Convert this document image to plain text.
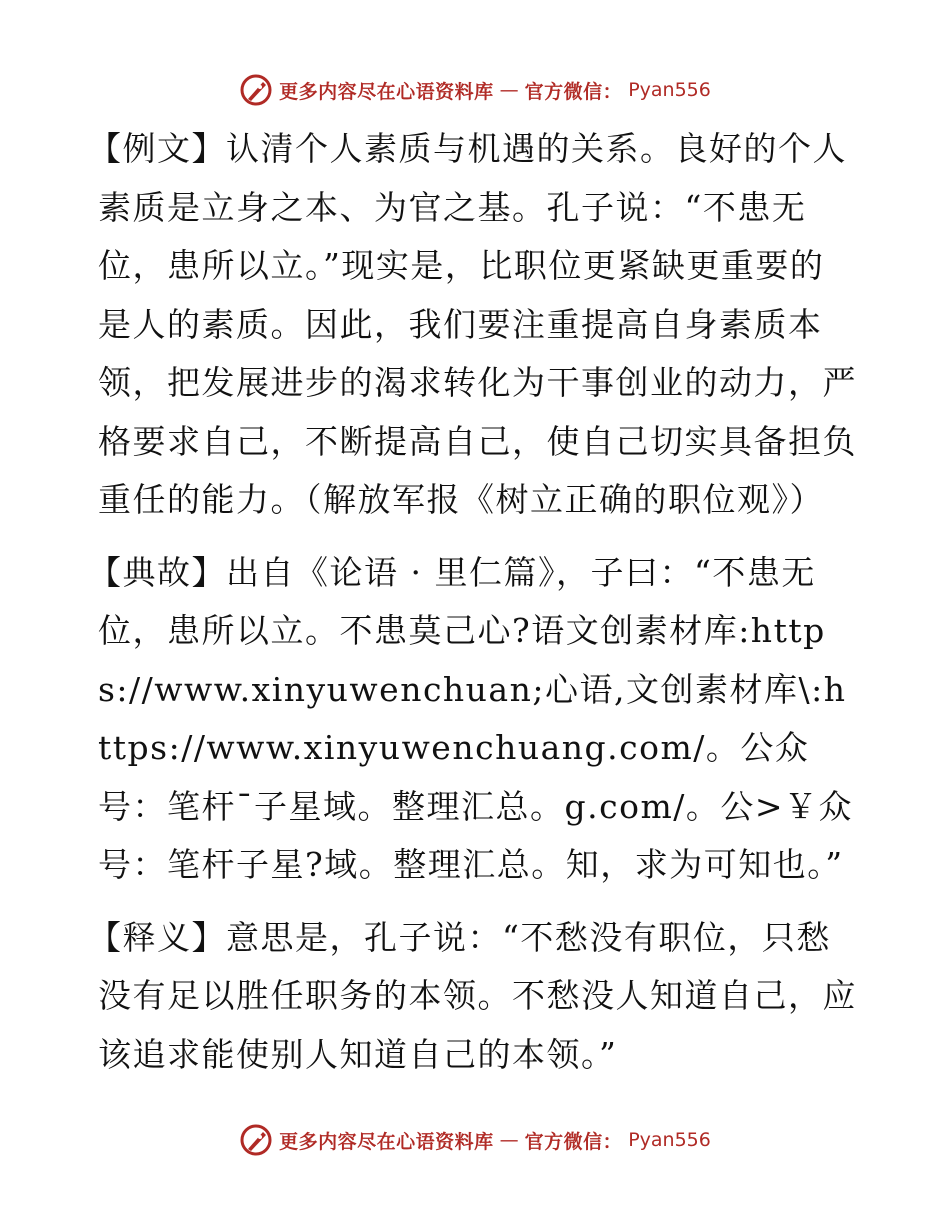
更多内容尽在心语资料库 — 官方微信： Pyan556

【例文】认清个人素质与机遇的关系。良好的个人素质是立身之本、为官之基。孔子说：“不患无位，患所以立。”现实是，比职位更紧缺更重要的是人的素质。因此，我们要注重提高自身素质本领，把发展进步的渴求转化为干事创业的动力，严格要求自己，不断提高自己，使自己切实具备担负重任的能力。（解放军报《树立正确的职位观》）

【典故】出自《论语 · 里仁篇》，子曰：“不患无位，患所以立。不患莫己心?语文创素材库:https://www.xinyuwenchuan;心语,文创素材库\:https://www.xinyuwenchuang.com/。公众号：笔杆¯子星域。整理汇总。g.com/。公>￥众号：笔杆子星?域。整理汇总。知，求为可知也。”

【释义】意思是，孔子说：“不愁没有职位，只愁没有足以胜任职务的本领。不愁没人知道自己，应该追求能使别人知道自己的本领。”

更多内容尽在心语资料库 — 官方微信： Pyan556
